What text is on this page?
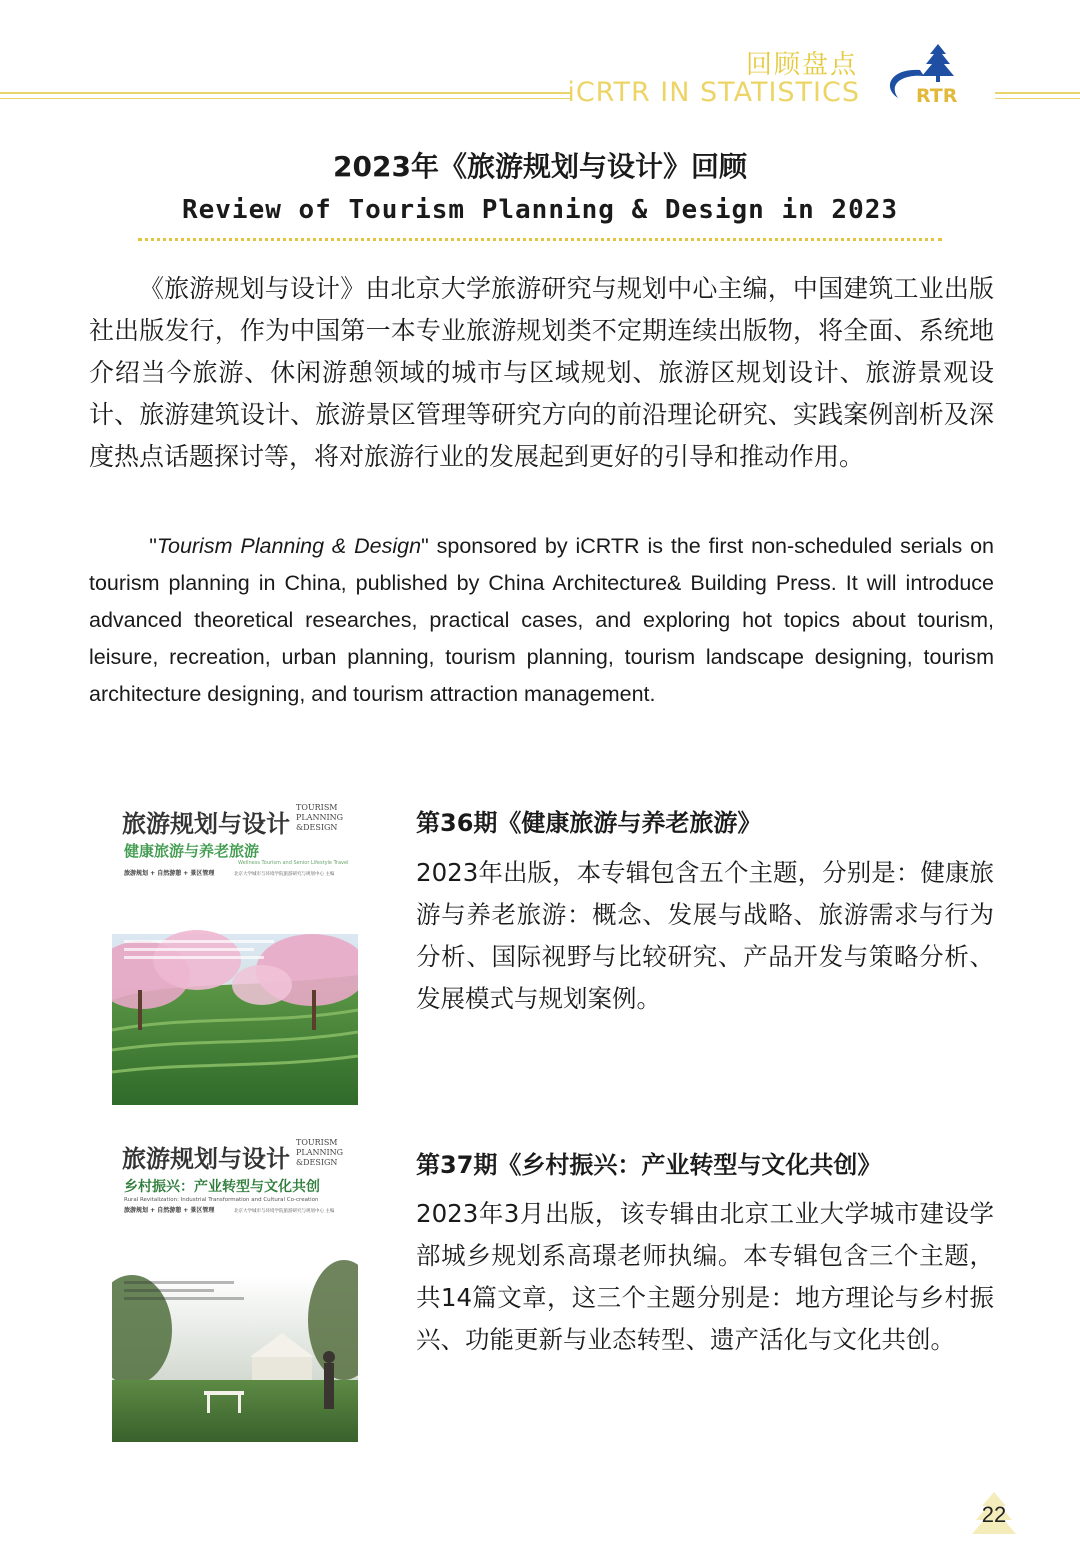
回顾盘点
iCRTR IN STATISTICS	RTR
2023年《旅游规划与设计》回顾
Review of Tourism Planning & Design in 2023

《旅游规划与设计》由北京大学旅游研究与规划中心主编，中国建筑工业出版社出版发行，作为中国第一本专业旅游规划类不定期连续出版物，将全面、系统地介绍当今旅游、休闲游憩领域的城市与区域规划、旅游区规划设计、旅游景观设计、旅游建筑设计、旅游景区管理等研究方向的前沿理论研究、实践案例剖析及深度热点话题探讨等，将对旅游行业的发展起到更好的引导和推动作用。

"Tourism Planning & Design" sponsored by iCRTR is the first non-scheduled serials on tourism planning in China, published by China Architecture& Building Press. It will introduce advanced theoretical researches, practical cases, and exploring hot topics about tourism, leisure, recreation, urban planning, tourism planning, tourism landscape designing, tourism architecture designing, and tourism attraction management.

旅游规划与设计
TOURISM
PLANNING
&DESIGN
健康旅游与养老旅游
Wellness Tourism and Senior Lifestyle Travel
旅游规划 + 自然游憩 + 景区管理	北京大学城市与环境学院旅游研究与规划中心 主编
第36期《健康旅游与养老旅游》

2023年出版，本专辑包含五个主题，分别是：健康旅游与养老旅游：概念、发展与战略、旅游需求与行为分析、国际视野与比较研究、产品开发与策略分析、发展模式与规划案例。

旅游规划与设计
TOURISM
PLANNING
&DESIGN
乡村振兴：产业转型与文化共创
Rural Revitalization: Industrial Transformation and Cultural Co-creation
旅游规划 + 自然游憩 + 景区管理	北京大学城市与环境学院旅游研究与规划中心 主编
第37期《乡村振兴：产业转型与文化共创》

2023年3月出版，该专辑由北京工业大学城市建设学部城乡规划系高璟老师执编。本专辑包含三个主题，共14篇文章，这三个主题分别是：地方理论与乡村振兴、功能更新与业态转型、遗产活化与文化共创。

22
